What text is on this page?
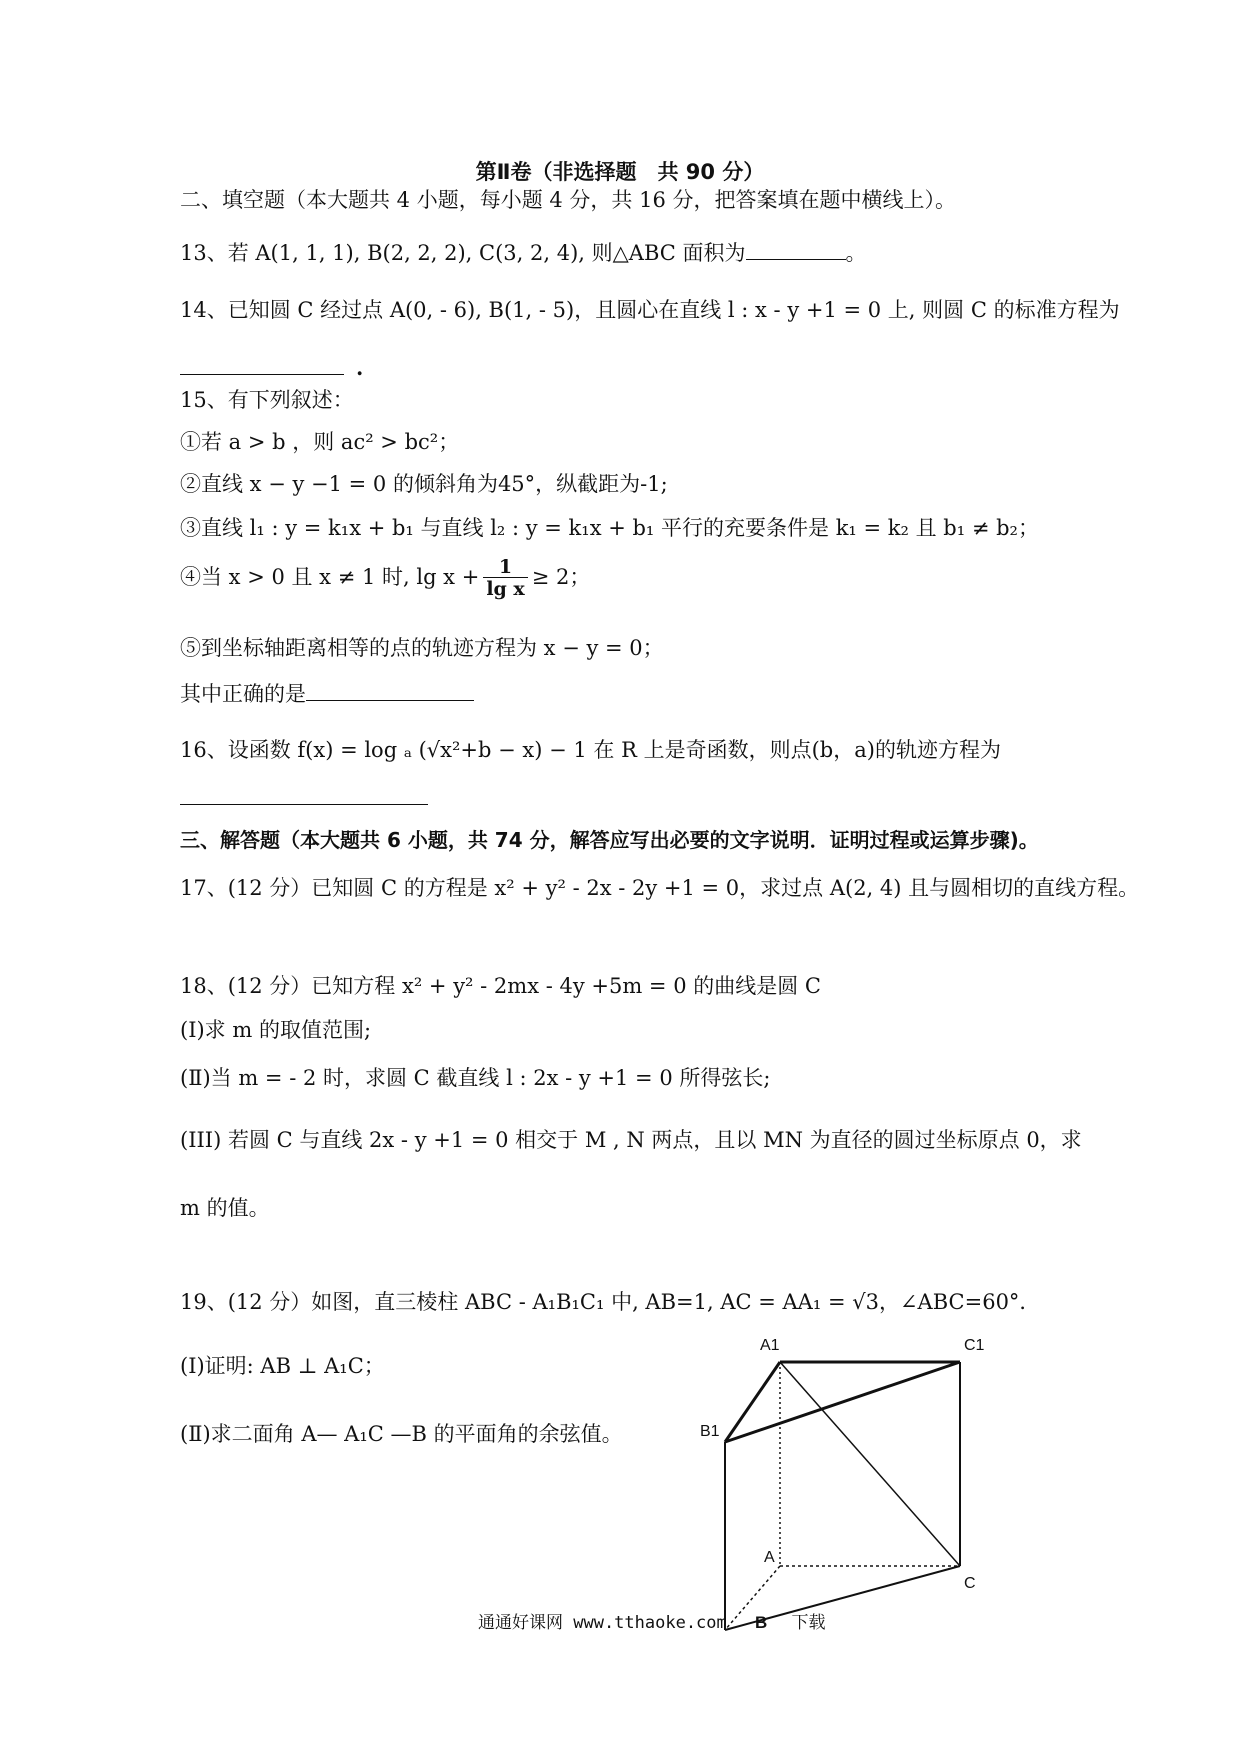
第Ⅱ卷（非选择题　共 90 分）
二、填空题（本大题共 4 小题，每小题 4 分，共 16 分，把答案填在题中横线上）。
13、若 A(1, 1, 1), B(2, 2, 2), C(3, 2, 4), 则△ABC 面积为	。
14、已知圆 C 经过点 A(0, - 6), B(1, - 5)，且圆心在直线 l : x - y +1 = 0 上, 则圆 C 的标准方程为
.
15、有下列叙述：
①若 a > b ，则 ac² > bc²；
②直线 x − y −1 = 0 的倾斜角为45°，纵截距为-1;
③直线 l₁ : y = k₁x + b₁ 与直线 l₂ : y = k₁x + b₁ 平行的充要条件是 k₁ = k₂ 且 b₁ ≠ b₂；
④当 x > 0 且 x ≠ 1 时, $\lg x + \frac{1}{\text{lg x}} \ge 2$；
⑤到坐标轴距离相等的点的轨迹方程为 x − y = 0；
其中正确的是
16、设函数 f(x) = log ₐ (√x²+b − x) − 1 在 R 上是奇函数，则点(b，a)的轨迹方程为
三、解答题（本大题共 6 小题，共 74 分，解答应写出必要的文字说明．证明过程或运算步骤)。
17、(12 分）已知圆 C 的方程是 x² + y² - 2x - 2y +1 = 0，求过点 A(2, 4) 且与圆相切的直线方程。
18、(12 分）已知方程 x² + y² - 2mx - 4y +5m = 0 的曲线是圆 C
(Ⅰ)求 m 的取值范围;
(Ⅱ)当 m = - 2 时，求圆 C 截直线 l : 2x - y +1 = 0 所得弦长;
(III) 若圆 C 与直线 2x - y +1 = 0 相交于 M , N 两点，且以 MN 为直径的圆过坐标原点 0，求
m 的值。
19、(12 分）如图，直三棱柱 ABC - A₁B₁C₁ 中, AB=1, AC = AA₁ = √3，∠ABC=60°．
(Ⅰ)证明: AB ⊥ A₁C；
(Ⅱ)求二面角 A— A₁C —B 的平面角的余弦值。
A1	C1
B1
A
C
通通好课网 www.tthaoke.com B 下载
